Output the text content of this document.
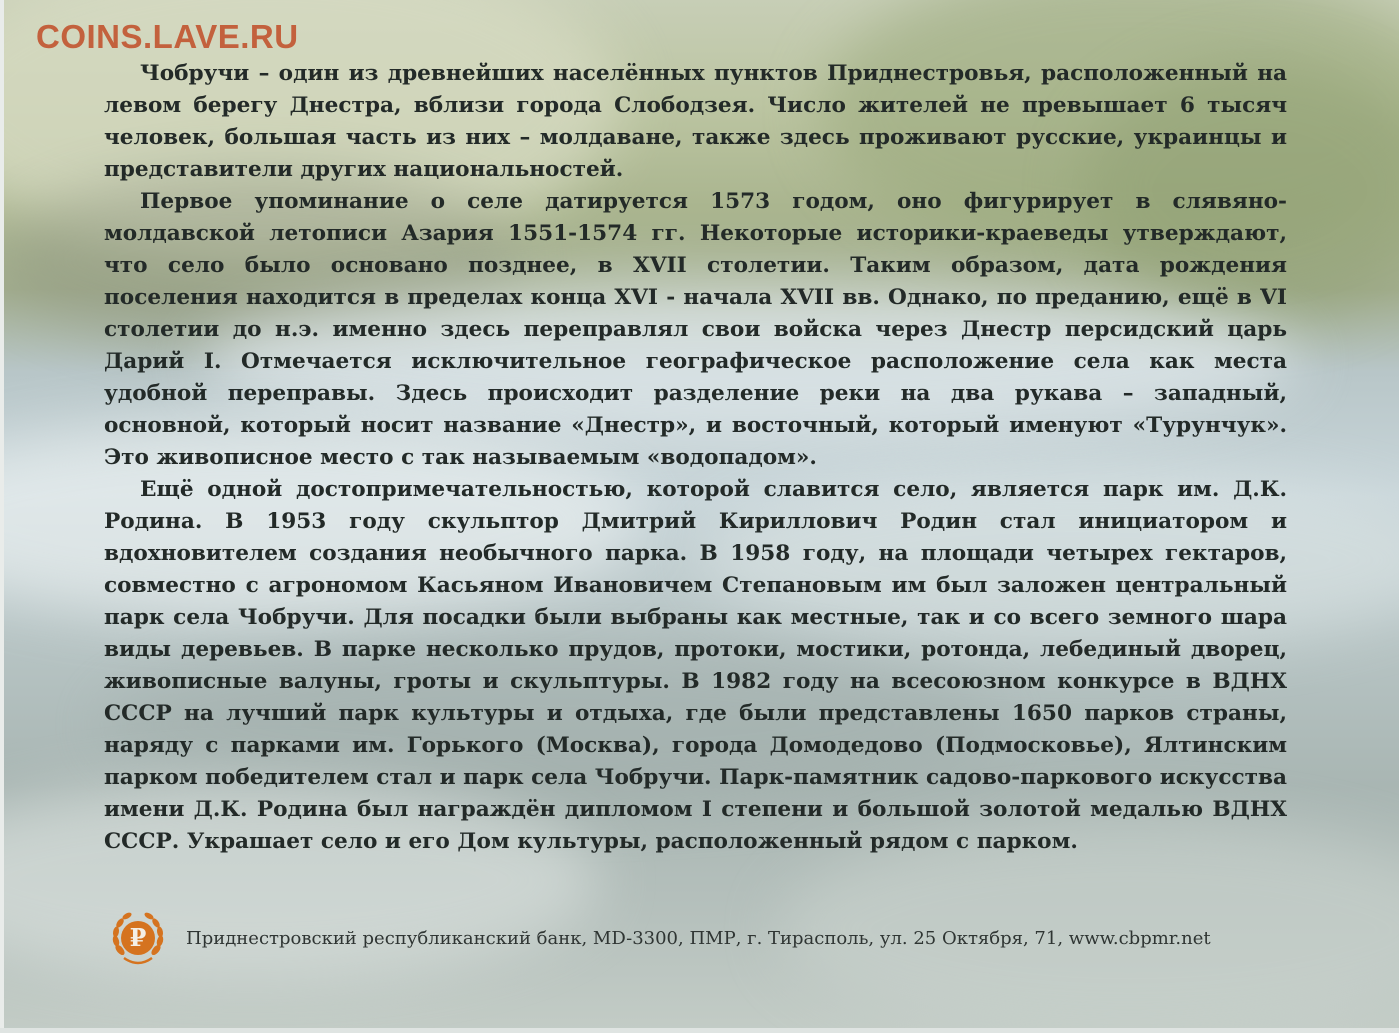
COINS.LAVE.RU

Чобручи – один из древнейших населённых пунктов Приднестровья, расположенный на левом берегу Днестра, вблизи города Слободзея. Число жителей не превышает 6 тысяч человек, большая часть из них – молдаване, также здесь проживают русские, украинцы и представители других национальностей.

Первое упоминание о селе датируется 1573 годом, оно фигурирует в слявяно-молдавской летописи Азария 1551-1574 гг. Некоторые историки-краеведы утверждают, что село было основано позднее, в XVII столетии. Таким образом, дата рождения поселения находится в пределах конца XVI - начала XVII вв. Однако, по преданию, ещё в VI столетии до н.э. именно здесь переправлял свои войска через Днестр персидский царь Дарий I. Отмечается исключительное географическое расположение села как места удобной переправы. Здесь происходит разделение реки на два рукава – западный, основной, который носит название «Днестр», и восточный, который именуют «Турунчук». Это живописное место с так называемым «водопадом».

Ещё одной достопримечательностью, которой славится село, является парк им. Д.К. Родина. В 1953 году скульптор Дмитрий Кириллович Родин стал инициатором и вдохновителем создания необычного парка. В 1958 году, на площади четырех гектаров, совместно с агрономом Касьяном Ивановичем Степановым им был заложен центральный парк села Чобручи. Для посадки были выбраны как местные, так и со всего земного шара виды деревьев. В парке несколько прудов, протоки, мостики, ротонда, лебединый дворец, живописные валуны, гроты и скульптуры. В 1982 году на всесоюзном конкурсе в ВДНХ СССР на лучший парк культуры и отдыха, где были представлены 1650 парков страны, наряду с парками им. Горького (Москва), города Домодедово (Подмосковье), Ялтинским парком победителем стал и парк села Чобручи. Парк-памятник садово-паркового искусства имени Д.К. Родина был награждён дипломом I степени и большой золотой медалью ВДНХ СССР. Украшает село и его Дом культуры, расположенный рядом с парком.

₽ Приднестровский республиканский банк, MD-3300, ПМР, г. Тирасполь, ул. 25 Октября, 71, www.cbpmr.net
